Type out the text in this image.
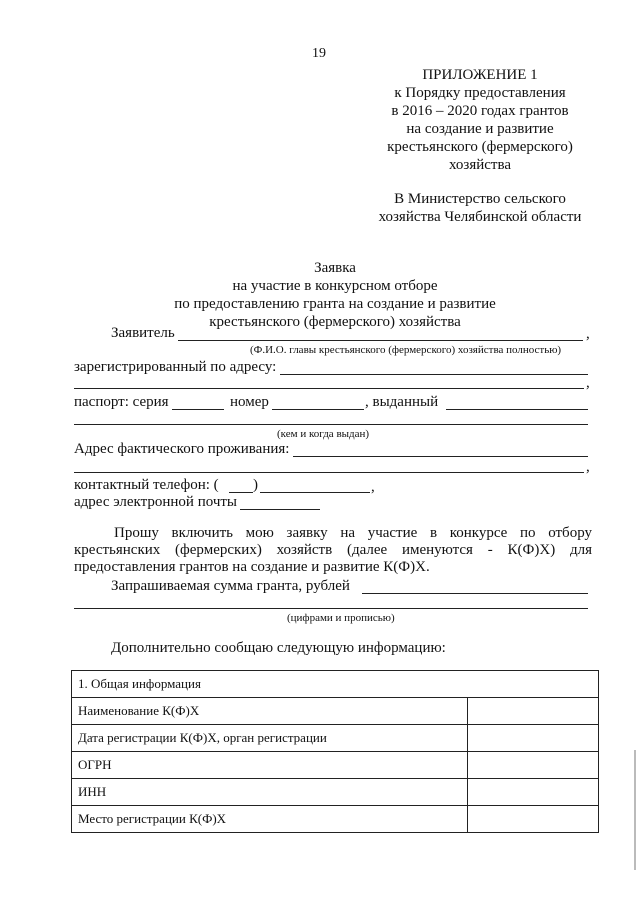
19
ПРИЛОЖЕНИЕ 1
к Порядку предоставления
в 2016 – 2020 годах грантов
на создание и развитие
крестьянского (фермерского)
хозяйства
В Министерство сельского
хозяйства Челябинской области
Заявка
на участие в конкурсном отборе
по предоставлению гранта на создание и развитие
крестьянского (фермерского) хозяйства
Заявитель	,
(Ф.И.О. главы крестьянского (фермерского) хозяйства полностью)
зарегистрированный по адресу:
,
паспорт: серия	номер	, выданный
(кем и когда выдан)
Адрес фактического проживания:
,
контактный телефон: ( )	,
адрес электронной почты
Прошу включить мою заявку на участие в конкурсе по отбору крестьянских (фермерских) хозяйств (далее именуются - К(Ф)Х) для предоставления грантов на создание и развитие К(Ф)Х.
Запрашиваемая сумма гранта, рублей
(цифрами и прописью)
Дополнительно сообщаю следующую информацию:
1. Общая информация	
Наименование К(Ф)Х	
Дата регистрации К(Ф)Х, орган регистрации	
ОГРН	
ИНН	
Место регистрации К(Ф)Х	
